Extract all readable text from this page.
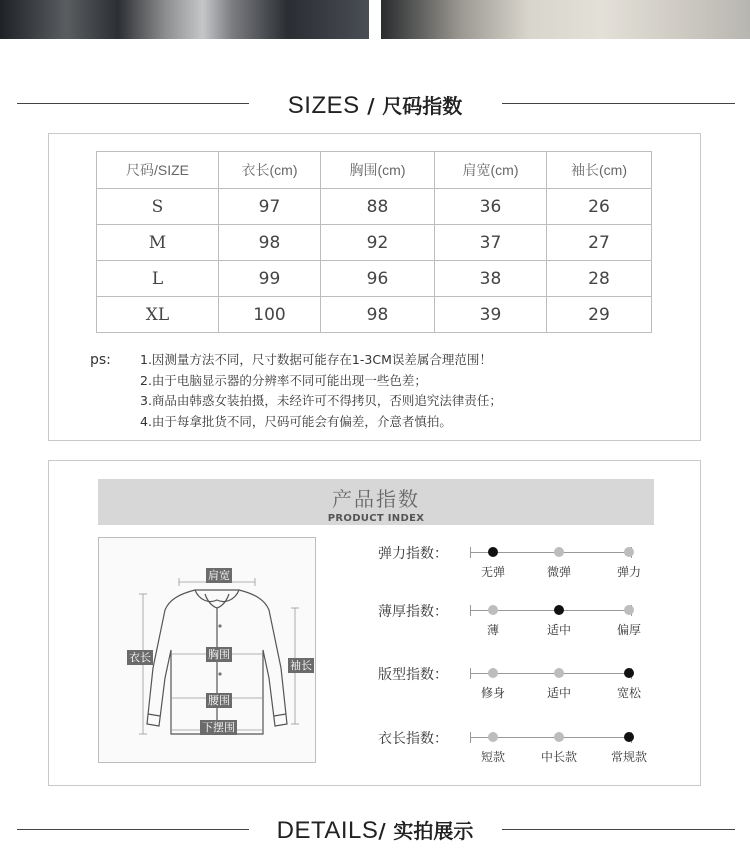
SIZES / 尺码指数
尺码/SIZE	衣长(cm)	胸围(cm)	肩宽(cm)	袖长(cm)
S	97	88	36	26
M	98	92	37	27
L	99	96	38	28
XL	100	98	39	29
ps: 1.因测量方法不同，尺寸数据可能存在1-3CM误差属合理范围！
2.由于电脑显示器的分辨率不同可能出现一些色差；
3.商品由韩惑女装拍摄，未经许可不得拷贝，否则追究法律责任；
4.由于每拿批货不同，尺码可能会有偏差，介意者慎拍。
产品指数
PRODUCT INDEX
肩宽
衣长	胸围
袖长
腰围
下摆围
弹力指数：
无弹	微弹	弹力
薄厚指数：
薄	适中	偏厚
版型指数：
修身	适中	宽松
衣长指数：
短款	中长款	常规款
DETAILS/ 实拍展示
